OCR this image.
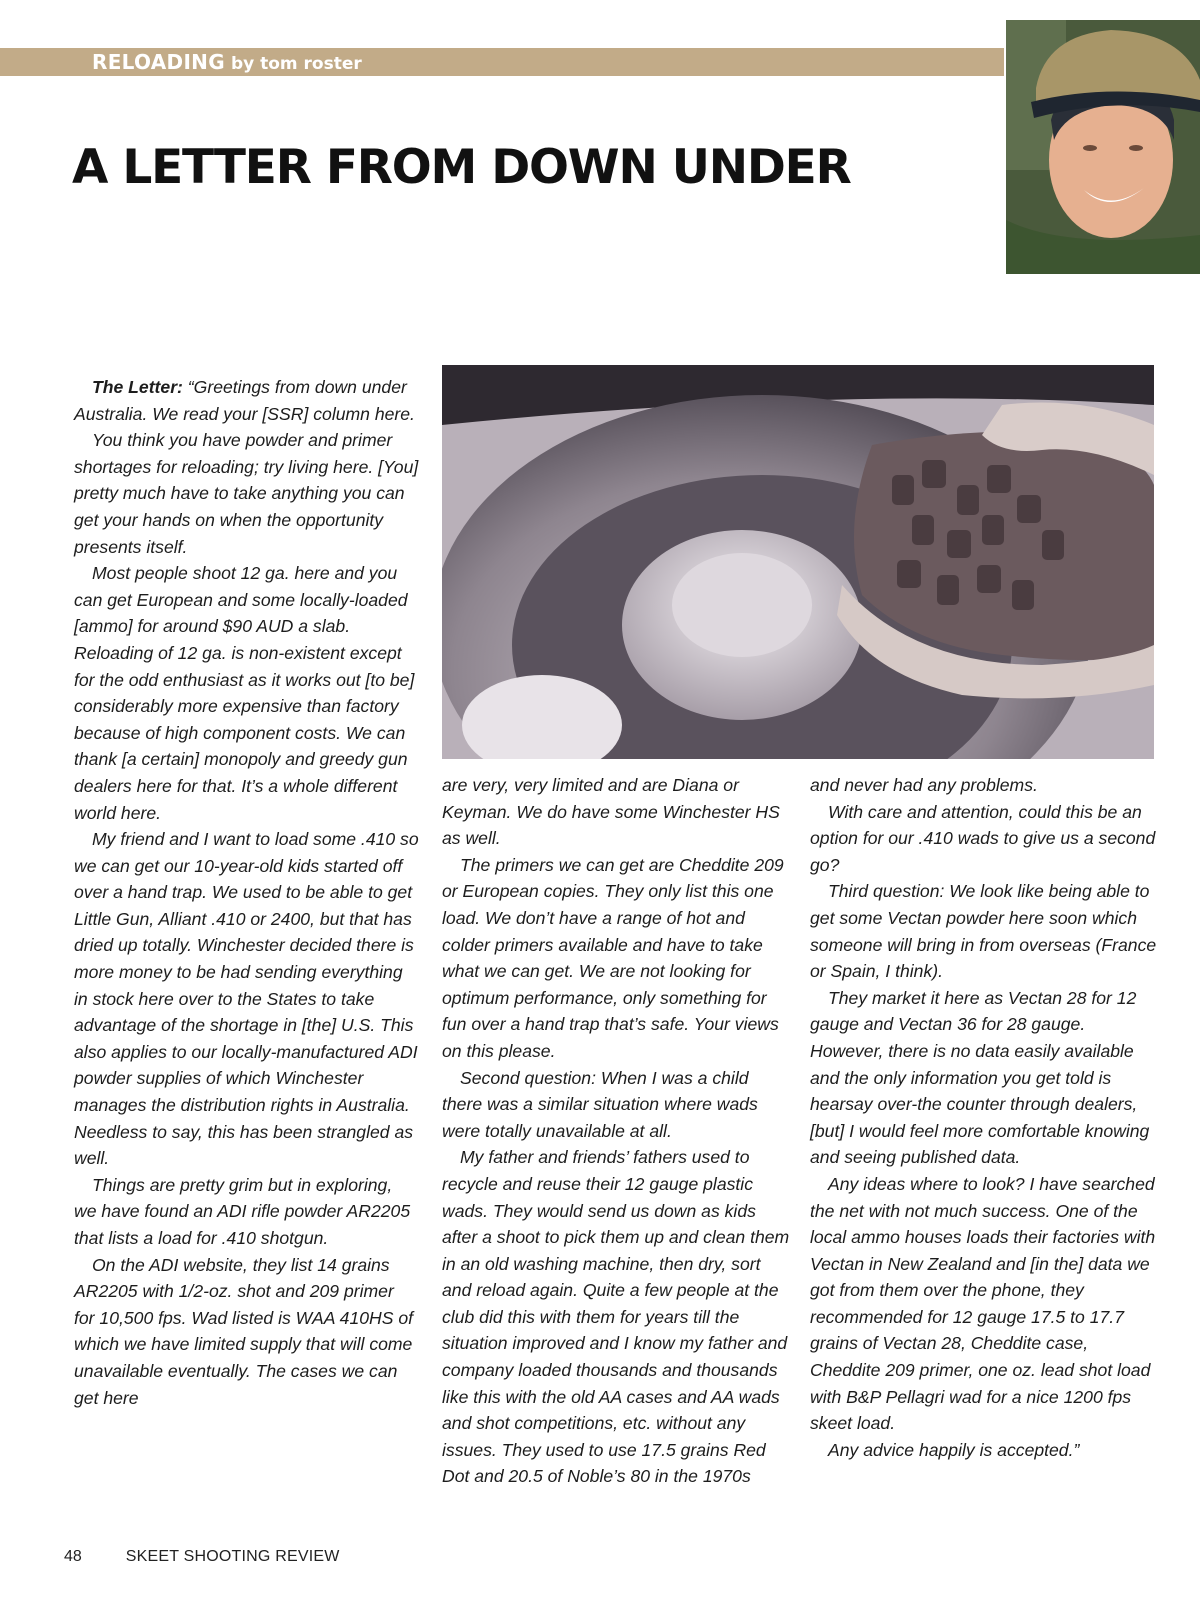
RELOADING by tom roster
A LETTER FROM DOWN UNDER

The Letter: “Greetings from down under Australia. We read your [SSR] column here.

You think you have powder and primer shortages for reloading; try living here. [You] pretty much have to take anything you can get your hands on when the opportunity presents itself.

Most people shoot 12 ga. here and you can get European and some locally-loaded [ammo] for around $90 AUD a slab. Reloading of 12 ga. is non-existent except for the odd enthusiast as it works out [to be] considerably more expensive than factory because of high component costs. We can thank [a certain] monopoly and greedy gun dealers here for that. It’s a whole different world here.

My friend and I want to load some .410 so we can get our 10-year-old kids started off over a hand trap. We used to be able to get Little Gun, Alliant .410 or 2400, but that has dried up totally. Winchester decided there is more money to be had sending everything in stock here over to the States to take advantage of the shortage in [the] U.S. This also applies to our locally-manufactured ADI powder supplies of which Winchester manages the distribution rights in Australia. Needless to say, this has been strangled as well.

Things are pretty grim but in exploring, we have found an ADI rifle powder AR2205 that lists a load for .410 shotgun.

On the ADI website, they list 14 grains AR2205 with 1/2-oz. shot and 209 primer for 10,500 fps. Wad listed is WAA 410HS of which we have limited supply that will come unavailable eventually. The cases we can get here

are very, very limited and are Diana or Keyman. We do have some Winchester HS as well.

The primers we can get are Cheddite 209 or European copies. They only list this one load. We don’t have a range of hot and colder primers available and have to take what we can get. We are not looking for optimum performance, only something for fun over a hand trap that’s safe. Your views on this please.

Second question: When I was a child there was a similar situation where wads were totally unavailable at all.

My father and friends’ fathers used to recycle and reuse their 12 gauge plastic wads. They would send us down as kids after a shoot to pick them up and clean them in an old washing machine, then dry, sort and reload again. Quite a few people at the club did this with them for years till the situation improved and I know my father and company loaded thousands and thousands like this with the old AA cases and AA wads and shot competitions, etc. without any issues. They used to use 17.5 grains Red Dot and 20.5 of Noble’s 80 in the 1970s

and never had any problems.

With care and attention, could this be an option for our .410 wads to give us a second go?

Third question: We look like being able to get some Vectan powder here soon which someone will bring in from overseas (France or Spain, I think).

They market it here as Vectan 28 for 12 gauge and Vectan 36 for 28 gauge. However, there is no data easily available and the only information you get told is hearsay over-the counter through dealers, [but] I would feel more comfortable knowing and seeing published data.

Any ideas where to look? I have searched the net with not much success. One of the local ammo houses loads their factories with Vectan in New Zealand and [in the] data we got from them over the phone, they recommended for 12 gauge 17.5 to 17.7 grains of Vectan 28, Cheddite case, Cheddite 209 primer, one oz. lead shot load with B&P Pellagri wad for a nice 1200 fps skeet load.

Any advice happily is accepted.”

48	SKEET SHOOTING REVIEW
